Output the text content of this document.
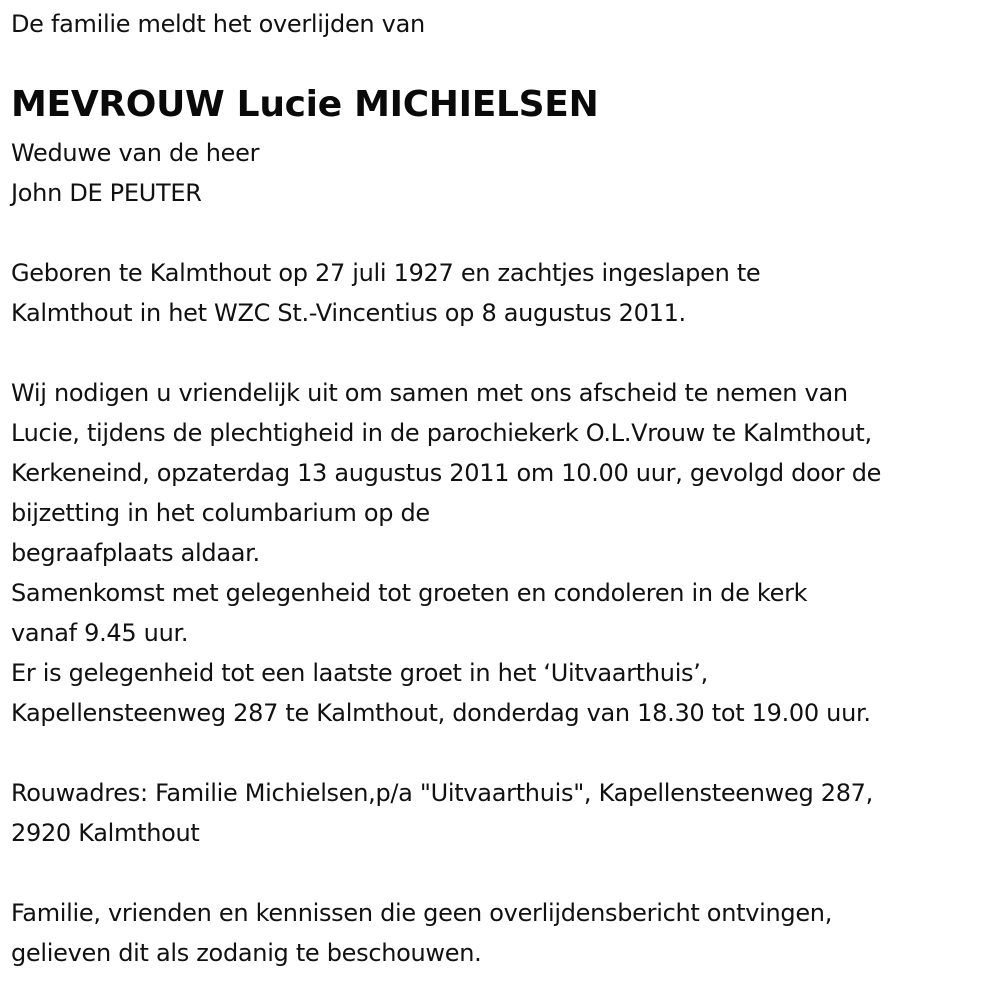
De familie meldt het overlijden van
MEVROUW Lucie MICHIELSEN
Weduwe van de heer
John DE PEUTER
Geboren te Kalmthout op 27 juli 1927 en zachtjes ingeslapen te
Kalmthout in het WZC St.-Vincentius op 8 augustus 2011.
Wij nodigen u vriendelijk uit om samen met ons afscheid te nemen van
Lucie, tijdens de plechtigheid in de parochiekerk O.L.Vrouw te Kalmthout,
Kerkeneind, opzaterdag 13 augustus 2011 om 10.00 uur, gevolgd door de
bijzetting in het columbarium op de
begraafplaats aldaar.
Samenkomst met gelegenheid tot groeten en condoleren in de kerk
vanaf 9.45 uur.
Er is gelegenheid tot een laatste groet in het ‘Uitvaarthuis’,
Kapellensteenweg 287 te Kalmthout, donderdag van 18.30 tot 19.00 uur.
Rouwadres: Familie Michielsen,p/a "Uitvaarthuis", Kapellensteenweg 287,
2920 Kalmthout
Familie, vrienden en kennissen die geen overlijdensbericht ontvingen,
gelieven dit als zodanig te beschouwen.
